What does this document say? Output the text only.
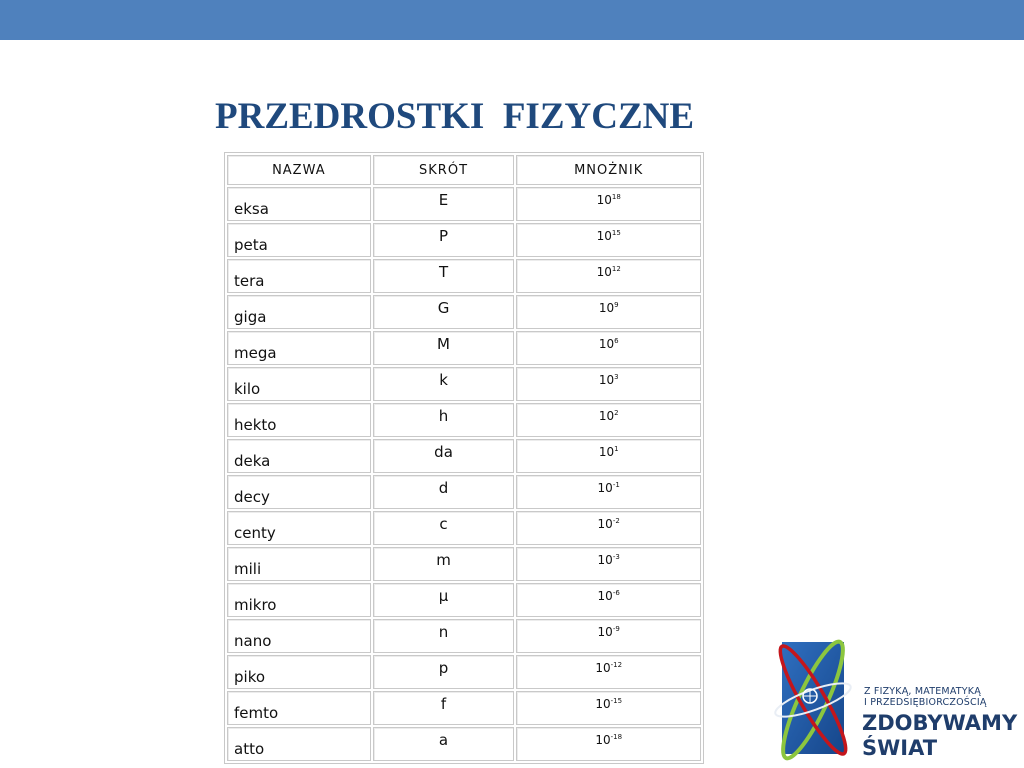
PRZEDROSTKI  FIZYCZNE
NAZWA	SKRÓT	MNOŻNIK
eksa	E	$10^{18}$
peta	P	$10^{15}$
tera	T	$10^{12}$
giga	G	$10^9$
mega	M	$10^6$
kilo	k	$10^3$
hekto	h	$10^2$
deka	da	$10^1$
decy	d	$10^{-1}$
centy	c	$10^{-2}$
mili	m	$10^{-3}$
mikro	µ	$10^{-6}$
nano	n	$10^{-9}$
piko	p	$10^{-12}$
femto	f	$10^{-15}$
atto	a	$10^{-18}$
Z FIZYKĄ, MATEMATYKĄ
I PRZEDSIĘBIORCZOŚCIĄ
ZDOBYWAMY
ŚWIAT
